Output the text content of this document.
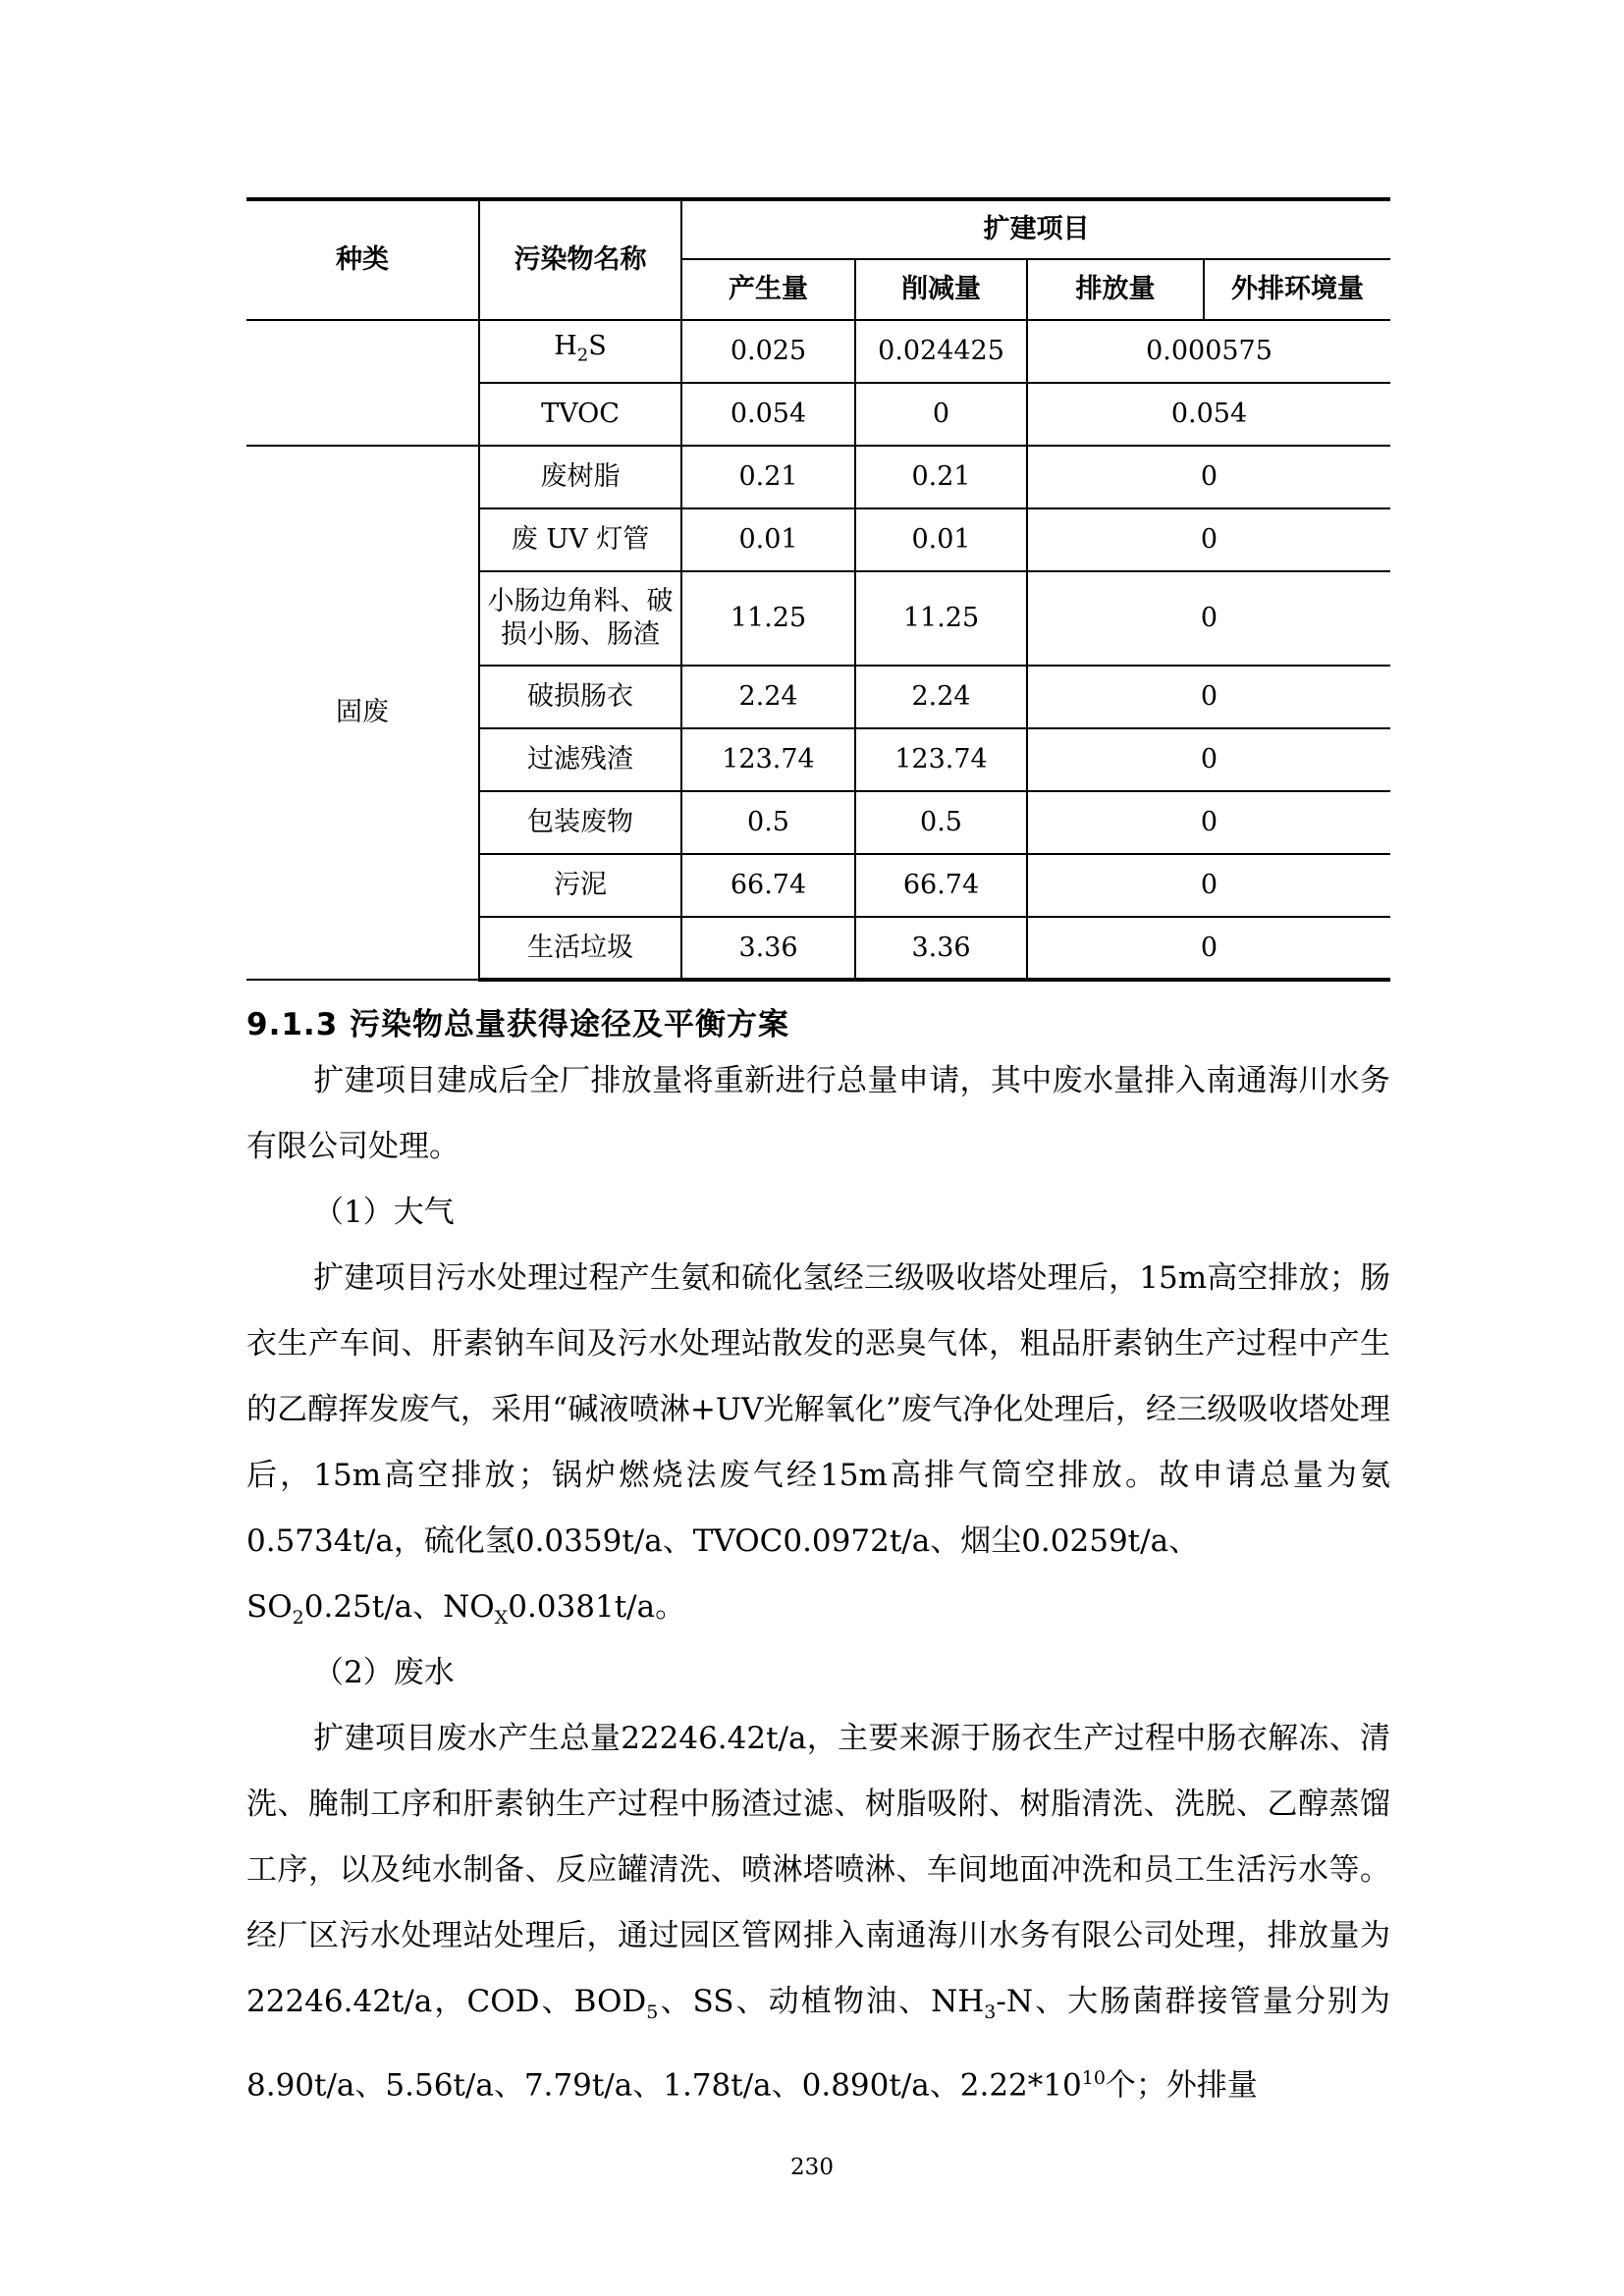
种类	污染物名称	扩建项目			
		产生量	削减量	排放量	外排环境量
	$H_2S$	0.025	0.024425	0.000575	
	TVOC	0.054	0	0.054	
固废	废树脂	0.21	0.21	0	
	废 UV 灯管	0.01	0.01	0	
	小肠边角料、破损小肠、肠渣	11.25	11.25	0	
	破损肠衣	2.24	2.24	0	
	过滤残渣	123.74	123.74	0	
	包装废物	0.5	0.5	0	
	污泥	66.74	66.74	0	
	生活垃圾	3.36	3.36	0	

9.1.3 污染物总量获得途径及平衡方案

扩建项目建成后全厂排放量将重新进行总量申请，其中废水量排入南通海川水务有限公司处理。

（1）大气

扩建项目污水处理过程产生氨和硫化氢经三级吸收塔处理后，15m高空排放；肠衣生产车间、肝素钠车间及污水处理站散发的恶臭气体，粗品肝素钠生产过程中产生的乙醇挥发废气，采用“碱液喷淋+UV光解氧化”废气净化处理后，经三级吸收塔处理后，15m高空排放；锅炉燃烧法废气经15m高排气筒空排放。故申请总量为氨0.5734t/a，硫化氢0.0359t/a、TVOC0.0972t/a、烟尘0.0259t/a、
$SO_20.25t/a$、$NO_X0.0381t/a$。

（2）废水

扩建项目废水产生总量22246.42t/a，主要来源于肠衣生产过程中肠衣解冻、清洗、腌制工序和肝素钠生产过程中肠渣过滤、树脂吸附、树脂清洗、洗脱、乙醇蒸馏工序，以及纯水制备、反应罐清洗、喷淋塔喷淋、车间地面冲洗和员工生活污水等。经厂区污水处理站处理后，通过园区管网排入南通海川水务有限公司处理，排放量为22246.42t/a，COD、$BOD_5$、SS、动植物油、$NH_3-N$、大肠菌群接管量分别为8.90t/a、5.56t/a、7.79t/a、1.78t/a、0.890t/a、$2.22*10^{10}$个；外排量

230
